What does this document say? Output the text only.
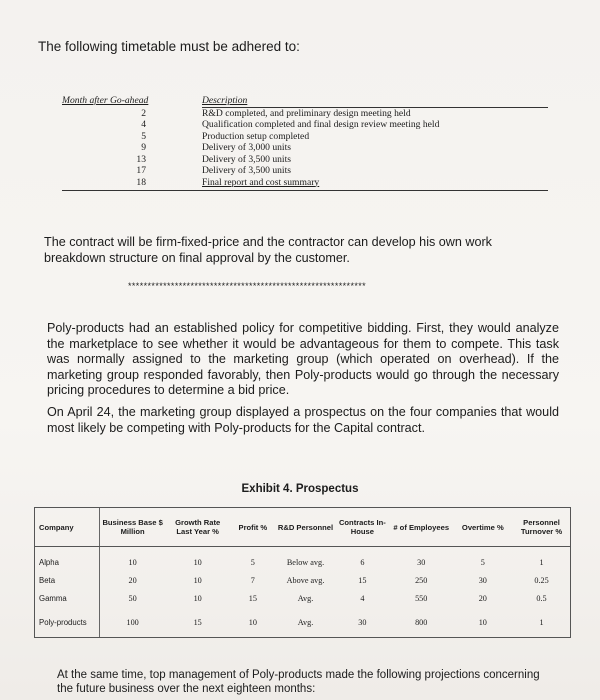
The following timetable must be adhered to:
Month after Go-ahead	Description
2	R&D completed, and preliminary design meeting held
4	Qualification completed and final design review meeting held
5	Production setup completed
9	Delivery of 3,000 units
13	Delivery of 3,500 units
17	Delivery of 3,500 units
18	Final report and cost summary
The contract will be firm-fixed-price and the contractor can develop his own work breakdown structure on final approval by the customer.
*************************************************************
Poly-products had an established policy for competitive bidding. First, they would analyze the marketplace to see whether it would be advantageous for them to compete. This task was normally assigned to the marketing group (which operated on overhead). If the marketing group responded favorably, then Poly-products would go through the necessary pricing procedures to determine a bid price.
On April 24, the marketing group displayed a prospectus on the four companies that would most likely be competing with Poly-products for the Capital contract.
Exhibit 4. Prospectus
Company	Business Base $ Million	Growth Rate Last Year %	Profit %	R&D Personnel	Contracts In-House	# of Employees	Overtime %	Personnel Turnover %

Alpha	10	10	5	Below avg.	6	30	5	1
Beta	20	10	7	Above avg.	15	250	30	0.25
Gamma	50	10	15	Avg.	4	550	20	0.5
Poly-products	100	15	10	Avg.	30	800	10	1
At the same time, top management of Poly-products made the following projections concerning the future business over the next eighteen months:
